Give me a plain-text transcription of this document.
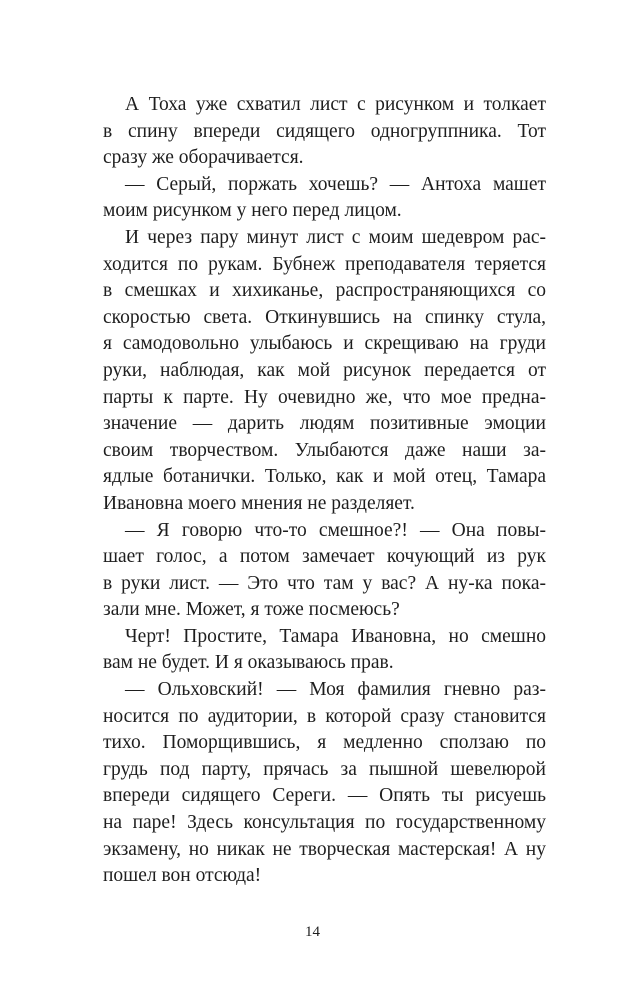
А Тоха уже схватил лист с рисунком и толкает
в спину впереди сидящего одногруппника. Тот
сразу же оборачивается.
— Серый, поржать хочешь? — Антоха машет
моим рисунком у него перед лицом.
И через пару минут лист с моим шедевром рас-
ходится по рукам. Бубнеж преподавателя теряется
в смешках и хихиканье, распространяющихся со
скоростью света. Откинувшись на спинку стула,
я самодовольно улыбаюсь и скрещиваю на груди
руки, наблюдая, как мой рисунок передается от
парты к парте. Ну очевидно же, что мое предна-
значение — дарить людям позитивные эмоции
своим творчеством. Улыбаются даже наши за-
ядлые ботанички. Только, как и мой отец, Тамара
Ивановна моего мнения не разделяет.
— Я говорю что-то смешное?! — Она повы-
шает голос, а потом замечает кочующий из рук
в руки лист. — Это что там у вас? А ну-ка пока-
зали мне. Может, я тоже посмеюсь?
Черт! Простите, Тамара Ивановна, но смешно
вам не будет. И я оказываюсь прав.
— Ольховский! — Моя фамилия гневно раз-
носится по аудитории, в которой сразу становится
тихо. Поморщившись, я медленно сползаю по
грудь под парту, прячась за пышной шевелюрой
впереди сидящего Сереги. — Опять ты рисуешь
на паре! Здесь консультация по государственному
экзамену, но никак не творческая мастерская! А ну
пошел вон отсюда!
14
